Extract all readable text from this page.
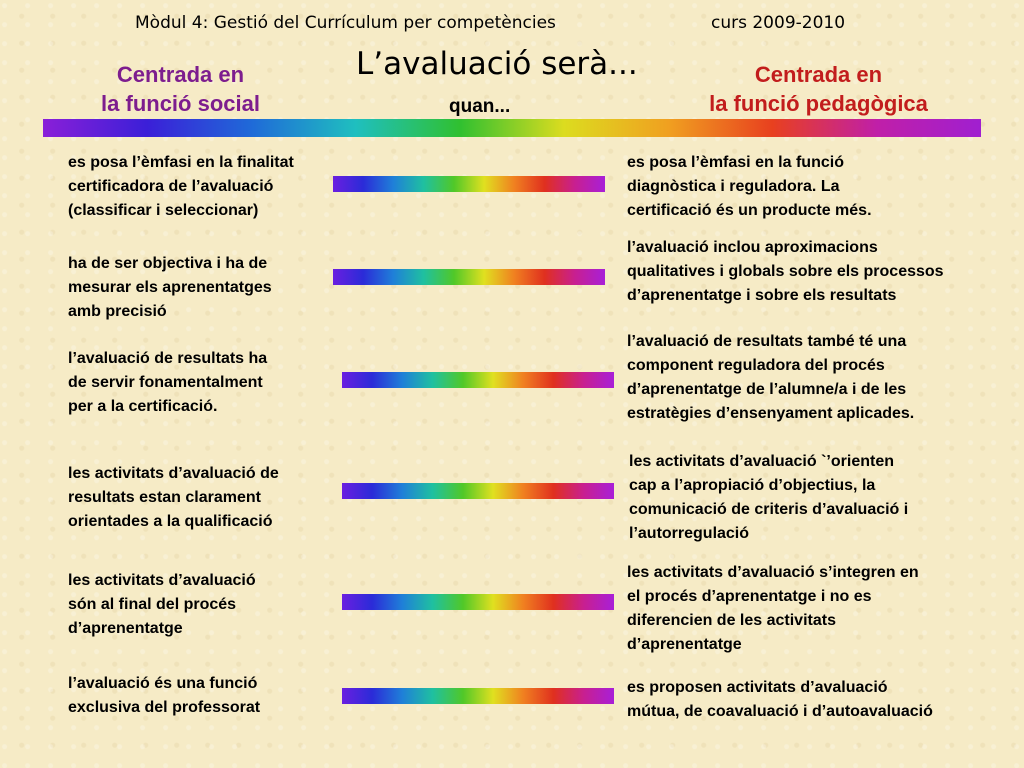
Mòdul 4: Gestió del Currículum per competències	curs 2009-2010
L’avaluació serà...
quan...
Centrada en
la funció social
Centrada en
la funció pedagògica
es posa l’èmfasi en la finalitat
certificadora de l’avaluació
(classificar i seleccionar)
es posa l’èmfasi en la funció
diagnòstica i reguladora. La
certificació és un producte més.
ha de ser objectiva i ha de
mesurar els aprenentatges
amb precisió
l’avaluació inclou aproximacions
qualitatives i globals sobre els processos
d’aprenentatge i sobre els resultats
l’avaluació de resultats ha
de servir fonamentalment
per a la certificació.
l’avaluació de resultats també té una
component reguladora del procés
d’aprenentatge de l’alumne/a i de les
estratègies d’ensenyament aplicades.
les activitats d’avaluació de
resultats estan clarament
orientades a la qualificació
les activitats d’avaluació `’orienten
cap a l’apropiació d’objectius, la
comunicació de criteris d’avaluació i
l’autorregulació
les activitats d’avaluació
són al final del procés
d’aprenentatge
les activitats d’avaluació s’integren en
el procés d’aprenentatge i no es
diferencien de les activitats
d’aprenentatge
l’avaluació és una funció
exclusiva del professorat
es proposen activitats d’avaluació
mútua, de coavaluació i d’autoavaluació
